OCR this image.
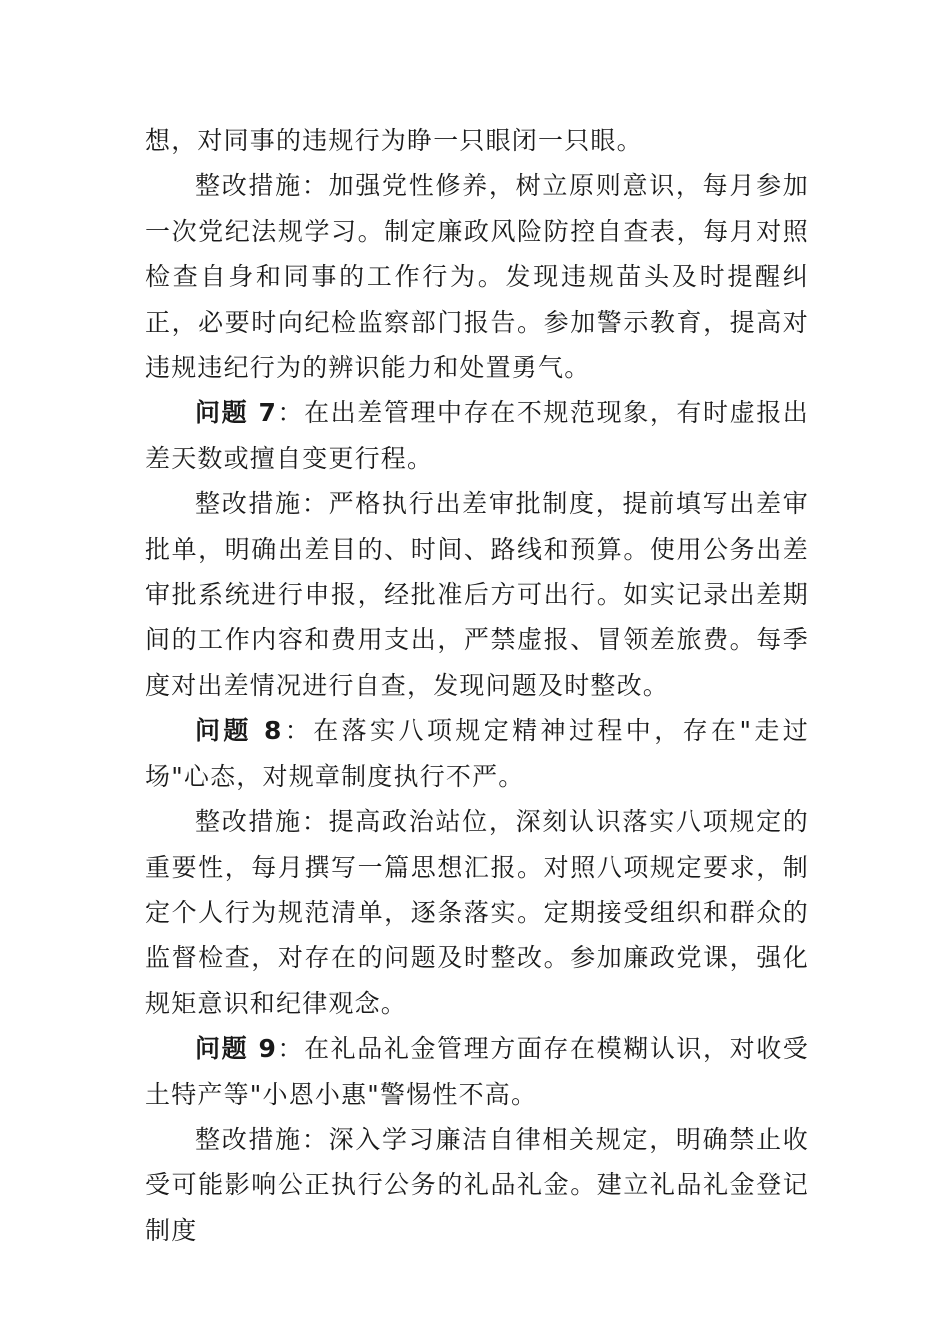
想，对同事的违规行为睁一只眼闭一只眼。

整改措施：加强党性修养，树立原则意识，每月参加一次党纪法规学习。制定廉政风险防控自查表，每月对照检查自身和同事的工作行为。发现违规苗头及时提醒纠正，必要时向纪检监察部门报告。参加警示教育，提高对违规违纪行为的辨识能力和处置勇气。

问题 7：在出差管理中存在不规范现象，有时虚报出差天数或擅自变更行程。

整改措施：严格执行出差审批制度，提前填写出差审批单，明确出差目的、时间、路线和预算。使用公务出差审批系统进行申报，经批准后方可出行。如实记录出差期间的工作内容和费用支出，严禁虚报、冒领差旅费。每季度对出差情况进行自查，发现问题及时整改。

问题 8：在落实八项规定精神过程中，存在"走过场"心态，对规章制度执行不严。

整改措施：提高政治站位，深刻认识落实八项规定的重要性，每月撰写一篇思想汇报。对照八项规定要求，制定个人行为规范清单，逐条落实。定期接受组织和群众的监督检查，对存在的问题及时整改。参加廉政党课，强化规矩意识和纪律观念。

问题 9：在礼品礼金管理方面存在模糊认识，对收受土特产等"小恩小惠"警惕性不高。

整改措施：深入学习廉洁自律相关规定，明确禁止收受可能影响公正执行公务的礼品礼金。建立礼品礼金登记制度
